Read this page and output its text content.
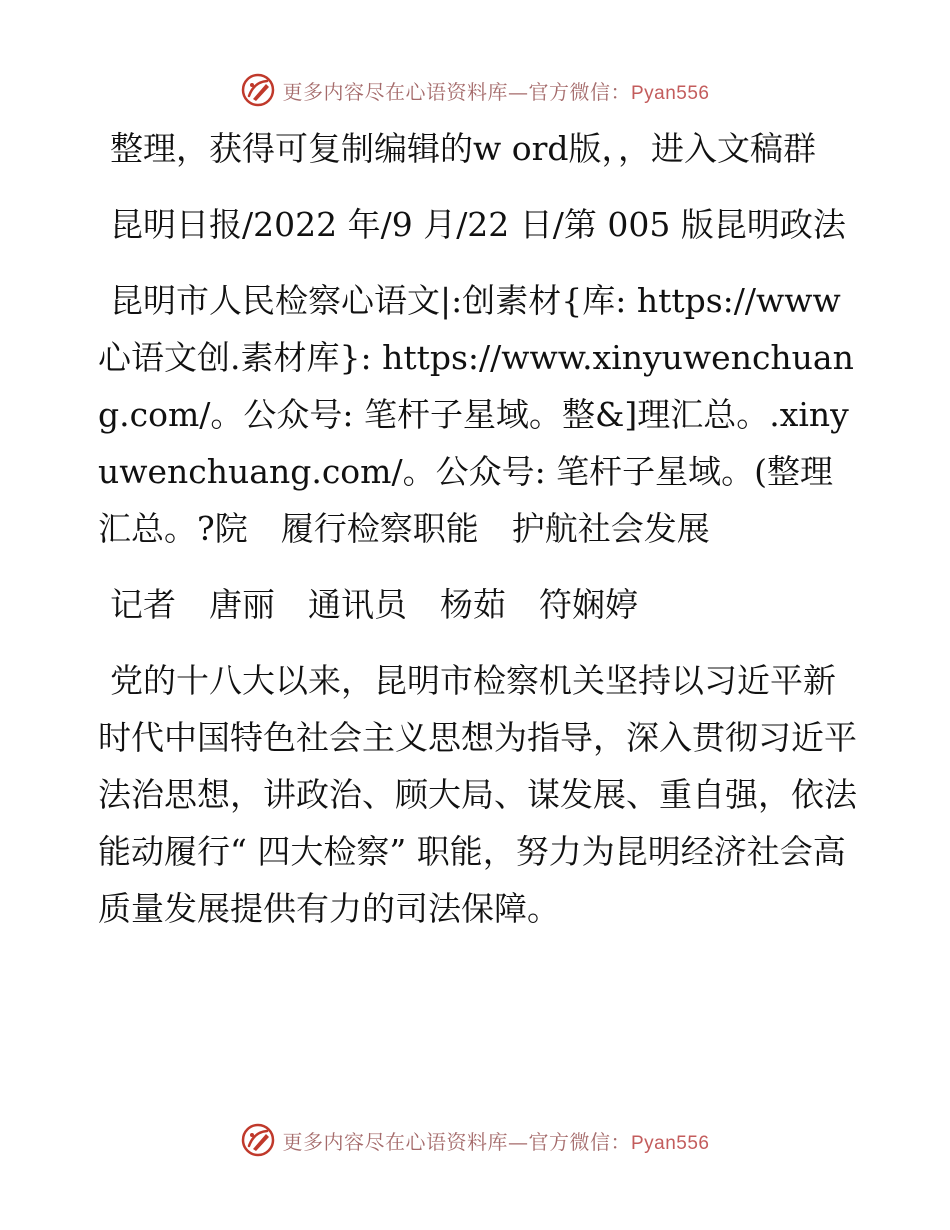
更多内容尽在心语资料库—官方微信：Pyan556

整理，获得可复制编辑的w ord版，，进入文稿群

昆明日报/2022 年/9 月/22 日/第 005 版昆明政法

昆明市人民检察心语文|:创素材{库: https://www心语文创.素材库}: https://www.xinyuwenchuang.com/。公众号: 笔杆子星域。整&]理汇总。.xinyuwenchuang.com/。公众号: 笔杆子星域。(整理汇总。?院　履行检察职能　护航社会发展

记者　唐丽　通讯员　杨茹　符娴婷

党的十八大以来，昆明市检察机关坚持以习近平新时代中国特色社会主义思想为指导，深入贯彻习近平法治思想，讲政治、顾大局、谋发展、重自强，依法能动履行“ 四大检察” 职能，努力为昆明经济社会高质量发展提供有力的司法保障。

更多内容尽在心语资料库—官方微信：Pyan556
